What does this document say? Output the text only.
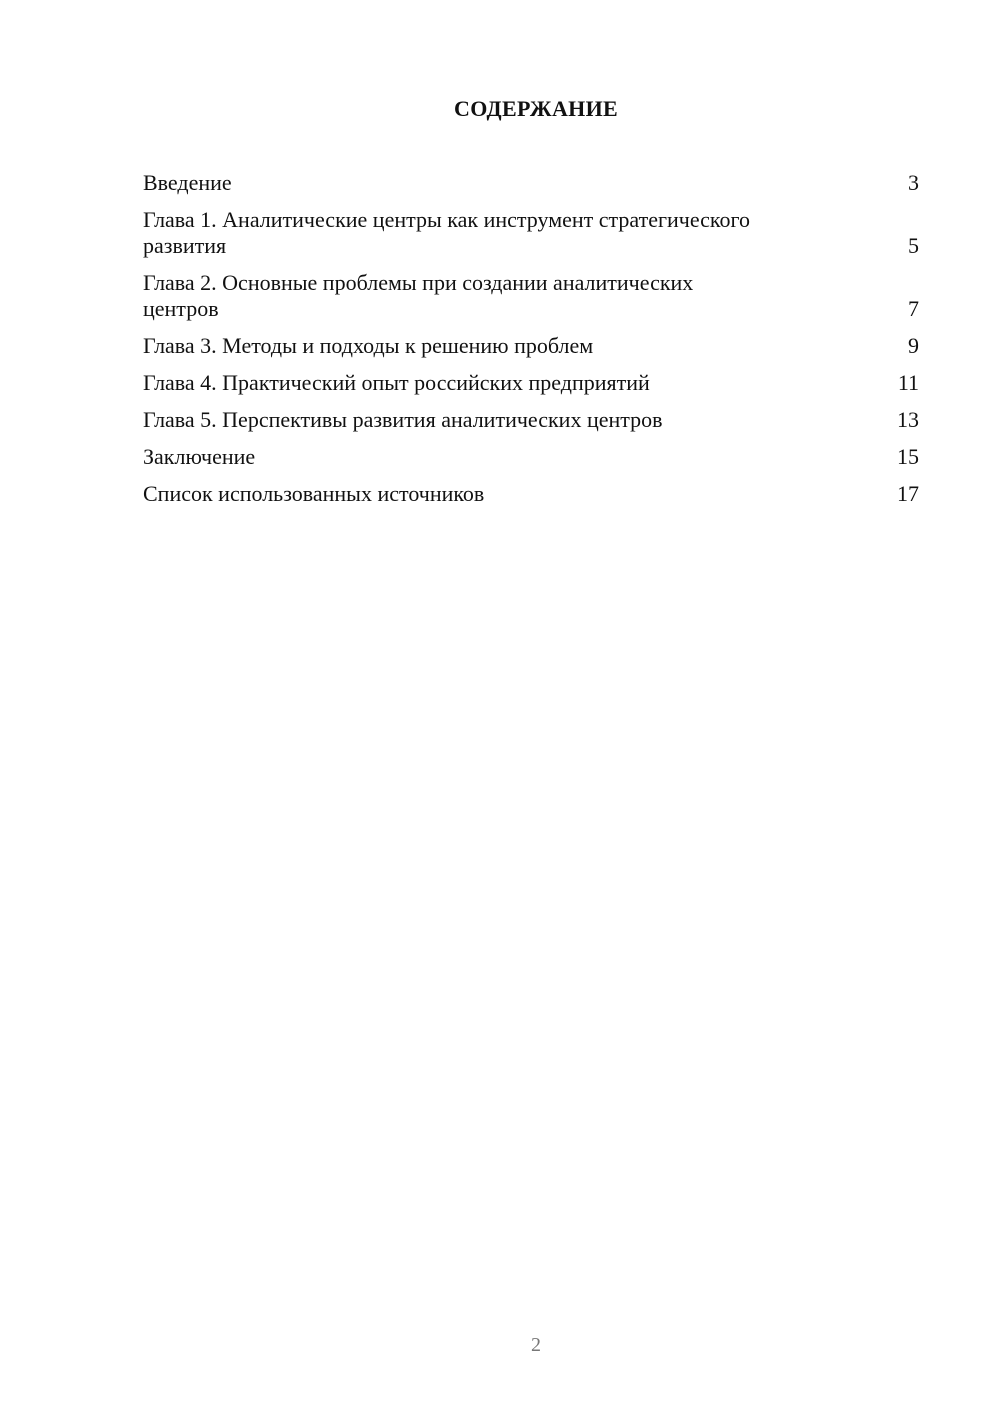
СОДЕРЖАНИЕ
Введение	3
Глава 1. Аналитические центры как инструмент стратегического развития	5
Глава 2. Основные проблемы при создании аналитических центров	7
Глава 3. Методы и подходы к решению проблем	9
Глава 4. Практический опыт российских предприятий	11
Глава 5. Перспективы развития аналитических центров	13
Заключение	15
Список использованных источников	17
2
